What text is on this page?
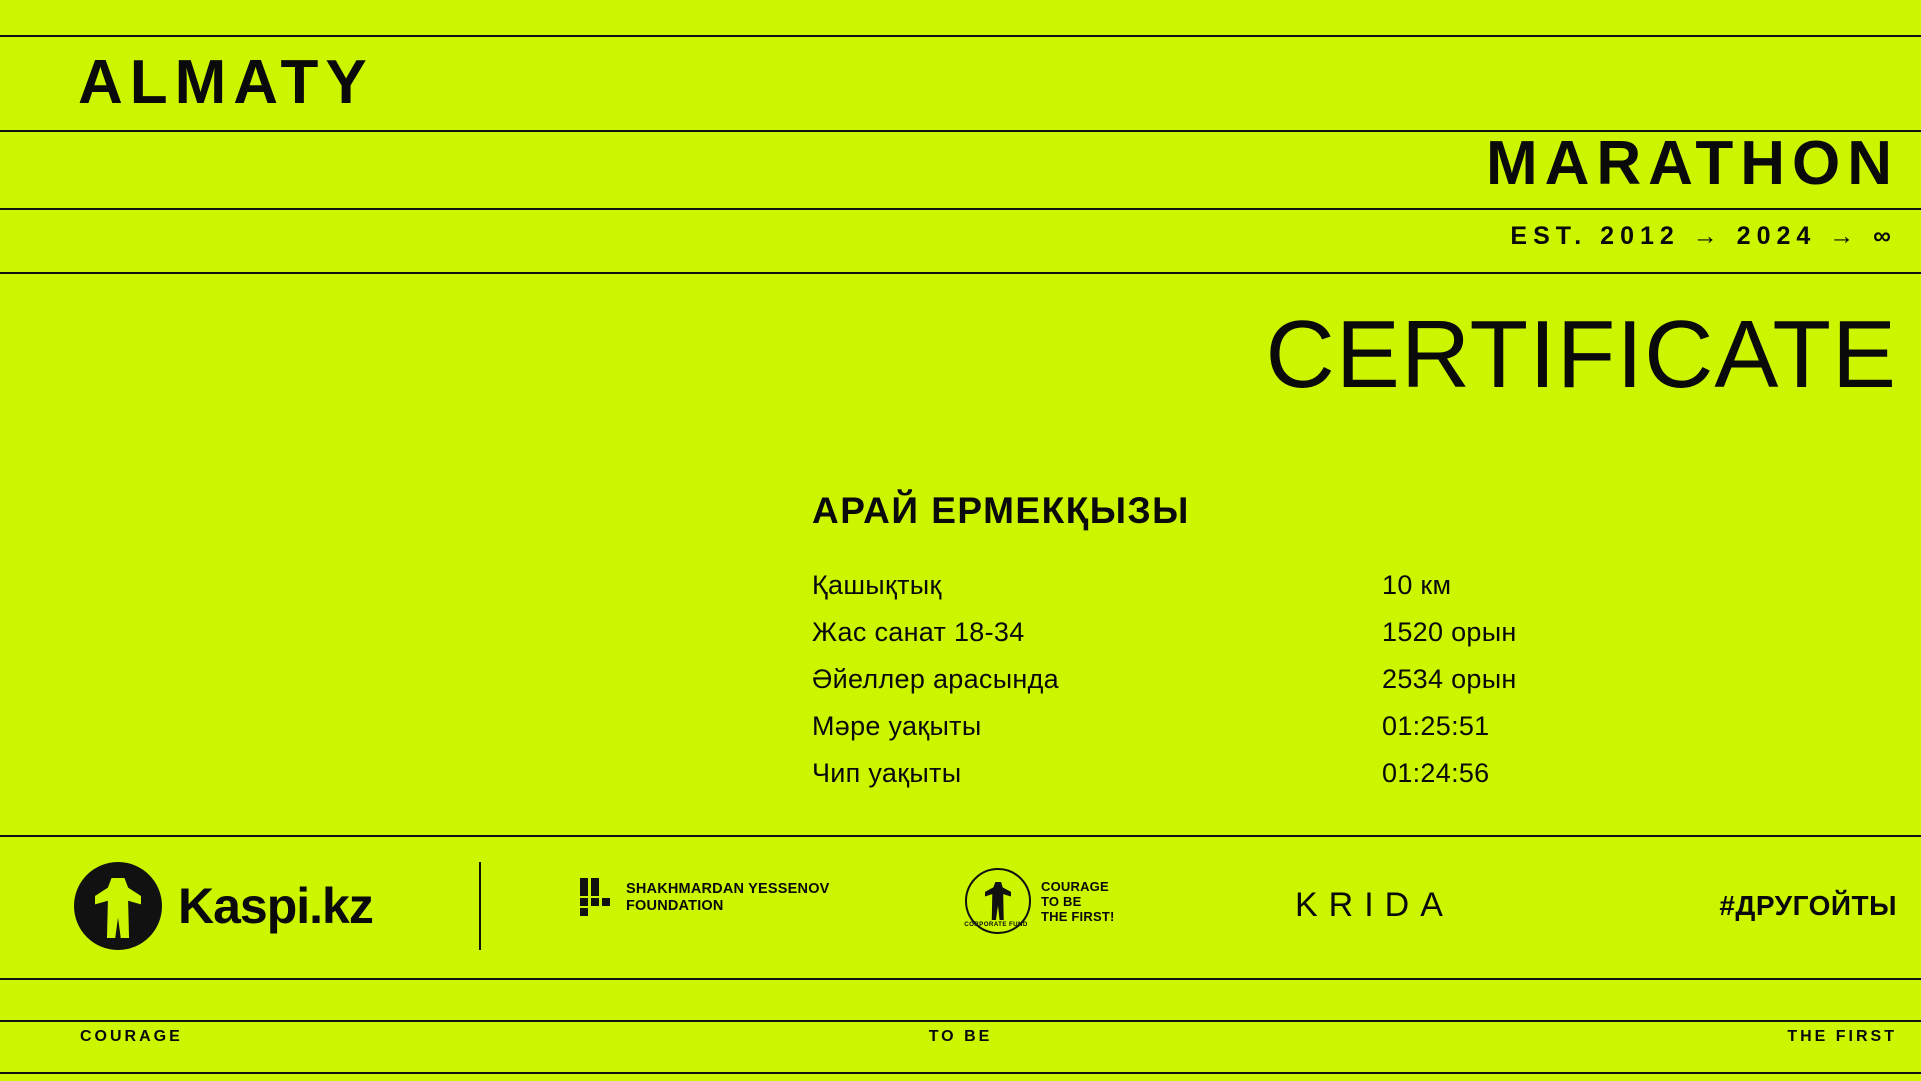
ALMATY
MARATHON
EST. 2012 → 2024 → ∞
CERTIFICATE
АРАЙ ЕРМЕКҚЫЗЫ
Қашықтық	10 км
Жас санат 18-34	1520 орын
Әйеллер арасында	2534 орын
Мәре уақыты	01:25:51
Чип уақыты	01:24:56
Kaspi.kz	SHAKHMARDAN YESSENOV
FOUNDATION
CORPORATE FUND
COURAGE
TO BE
THE FIRST!	KRIDA	#ДРУГОЙТЫ
COURAGE	TO BE	THE FIRST
